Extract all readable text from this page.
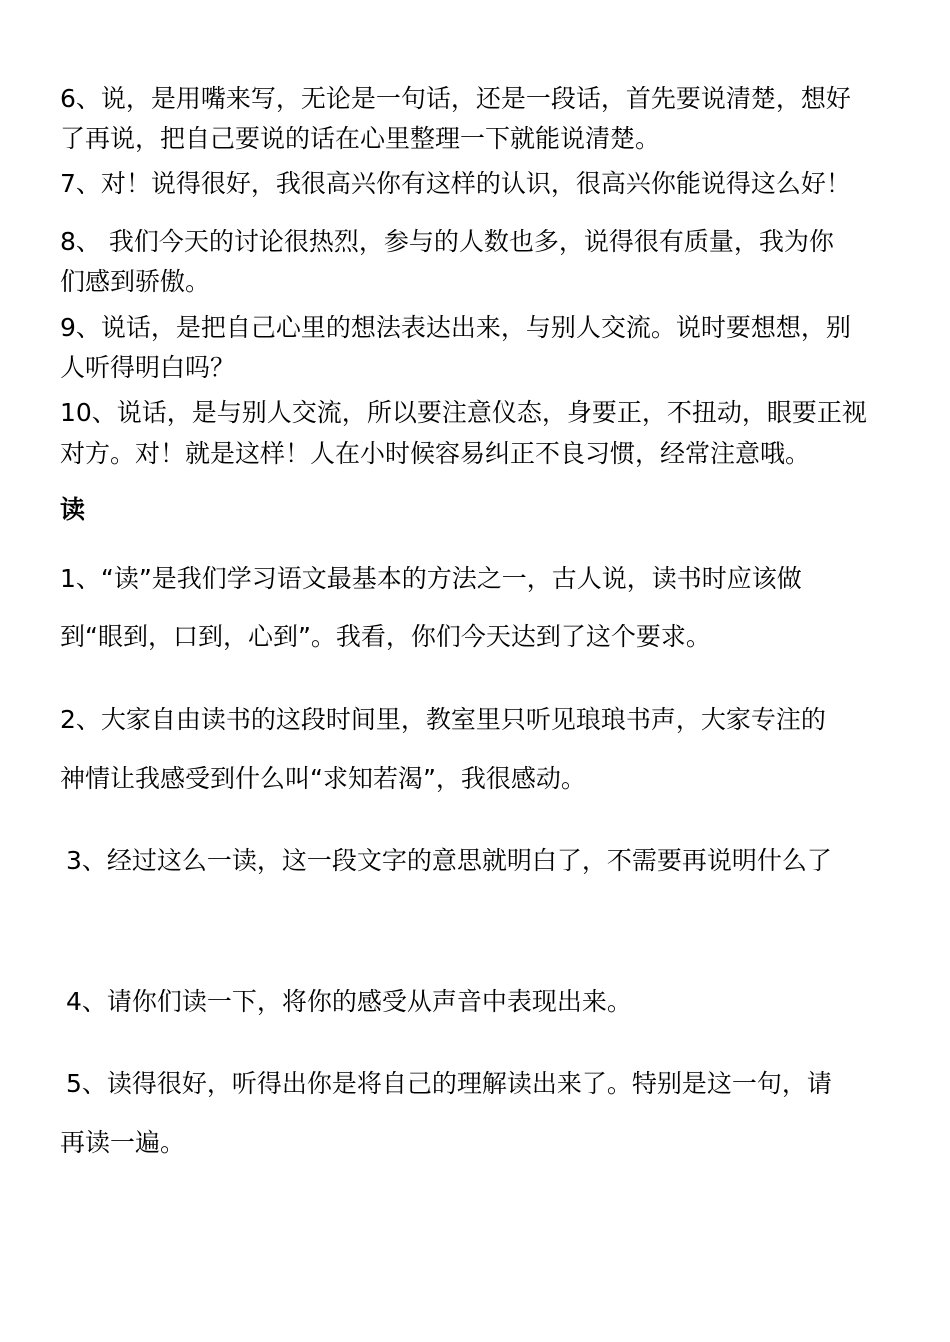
6、说，是用嘴来写，无论是一句话，还是一段话，首先要说清楚，想好
了再说，把自己要说的话在心里整理一下就能说清楚。
7、对！说得很好，我很高兴你有这样的认识，很高兴你能说得这么好！
8、 我们今天的讨论很热烈，参与的人数也多，说得很有质量，我为你
们感到骄傲。
9、说话，是把自己心里的想法表达出来，与别人交流。说时要想想，别
人听得明白吗？
10、说话，是与别人交流，所以要注意仪态，身要正，不扭动，眼要正视
对方。对！就是这样！人在小时候容易纠正不良习惯，经常注意哦。
读
1、“读”是我们学习语文最基本的方法之一，古人说，读书时应该做
到“眼到，口到，心到”。我看，你们今天达到了这个要求。
2、大家自由读书的这段时间里，教室里只听见琅琅书声，大家专注的
神情让我感受到什么叫“求知若渴”，我很感动。
3、经过这么一读，这一段文字的意思就明白了，不需要再说明什么了
4、请你们读一下，将你的感受从声音中表现出来。
5、读得很好，听得出你是将自己的理解读出来了。特别是这一句，请
再读一遍。
